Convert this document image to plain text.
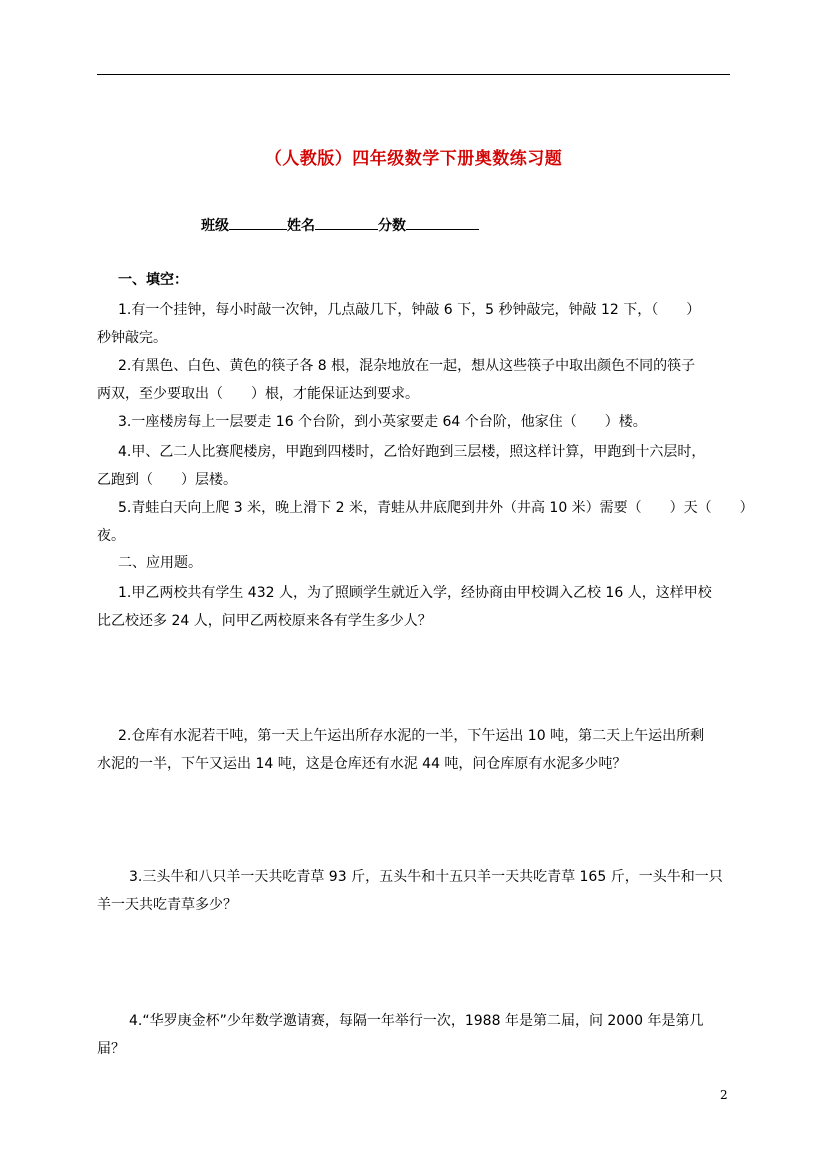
（人教版）四年级数学下册奥数练习题
班级	姓名	分数
一、填空：
1.有一个挂钟，每小时敲一次钟，几点敲几下，钟敲 6 下，5 秒钟敲完，钟敲 12 下，（　　）
秒钟敲完。
2.有黑色、白色、黄色的筷子各 8 根，混杂地放在一起，想从这些筷子中取出颜色不同的筷子
两双，至少要取出（　　）根，才能保证达到要求。
3.一座楼房每上一层要走 16 个台阶，到小英家要走 64 个台阶，他家住（　　）楼。
4.甲、乙二人比赛爬楼房，甲跑到四楼时，乙恰好跑到三层楼，照这样计算，甲跑到十六层时，
乙跑到（　　）层楼。
5.青蛙白天向上爬 3 米，晚上滑下 2 米，青蛙从井底爬到井外（井高 10 米）需要（　　）天（　　）
夜。
二、应用题。
1.甲乙两校共有学生 432 人，为了照顾学生就近入学，经协商由甲校调入乙校 16 人，这样甲校
比乙校还多 24 人，问甲乙两校原来各有学生多少人？
2.仓库有水泥若干吨，第一天上午运出所存水泥的一半，下午运出 10 吨，第二天上午运出所剩
水泥的一半，下午又运出 14 吨，这是仓库还有水泥 44 吨，问仓库原有水泥多少吨？
3.三头牛和八只羊一天共吃青草 93 斤，五头牛和十五只羊一天共吃青草 165 斤，一头牛和一只
羊一天共吃青草多少？
4.“华罗庚金杯”少年数学邀请赛，每隔一年举行一次，1988 年是第二届，问 2000 年是第几
届？
2
